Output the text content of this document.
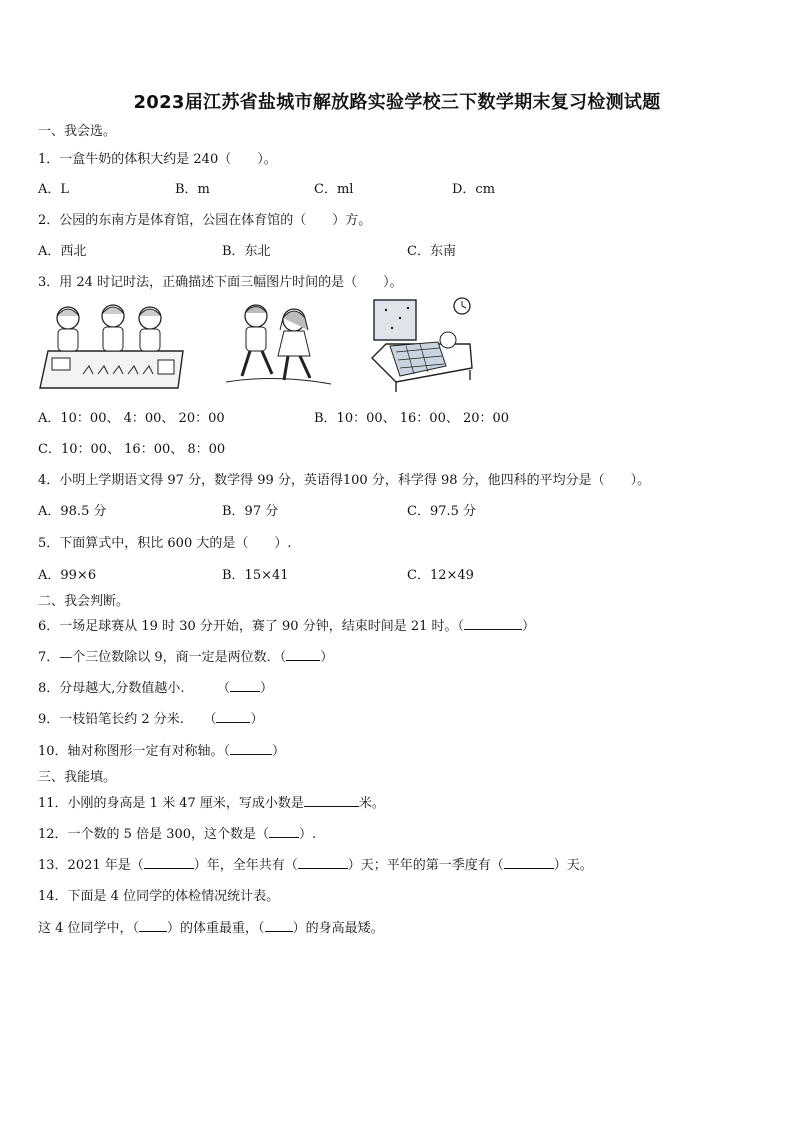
2023届江苏省盐城市解放路实验学校三下数学期末复习检测试题
一、我会选。
1．一盒牛奶的体积大约是 240（　　）。
A．L	B．m	C．ml	D．cm
2．公园的东南方是体育馆，公园在体育馆的（　　）方。
A．西北	B．东北	C．东南
3．用 24 时记时法，正确描述下面三幅图片时间的是（　　）。
A．10：00、 4：00、 20：00	B．10：00、 16：00、 20：00
C．10：00、 16：00、 8：00
4．小明上学期语文得 97 分，数学得 99 分，英语得100 分，科学得 98 分，他四科的平均分是（　　）。
A．98.5 分	B．97 分	C．97.5 分
5．下面算式中，积比 600 大的是（　　）.
A．99×6	B．15×41	C．12×49
二、我会判断。
6．一场足球赛从 19 时 30 分开始，赛了 90 分钟，结束时间是 21 时。（	）
7．—个三位数除以 9，商一定是两位数．（	）
8．分母越大,分数值越小.　　　（ ）
9．一枝铅笔长约 2 分米.　　（	）
10．轴对称图形一定有对称轴。（	）
三、我能填。
11．小刚的身高是 1 米 47 厘米，写成小数是	米。
12．一个数的 5 倍是 300，这个数是（ ）.
13．2021 年是（	）年，全年共有（	）天；平年的第一季度有（	）天。
14．下面是 4 位同学的体检情况统计表。
这 4 位同学中，（ ）的体重最重，（ ）的身高最矮。
